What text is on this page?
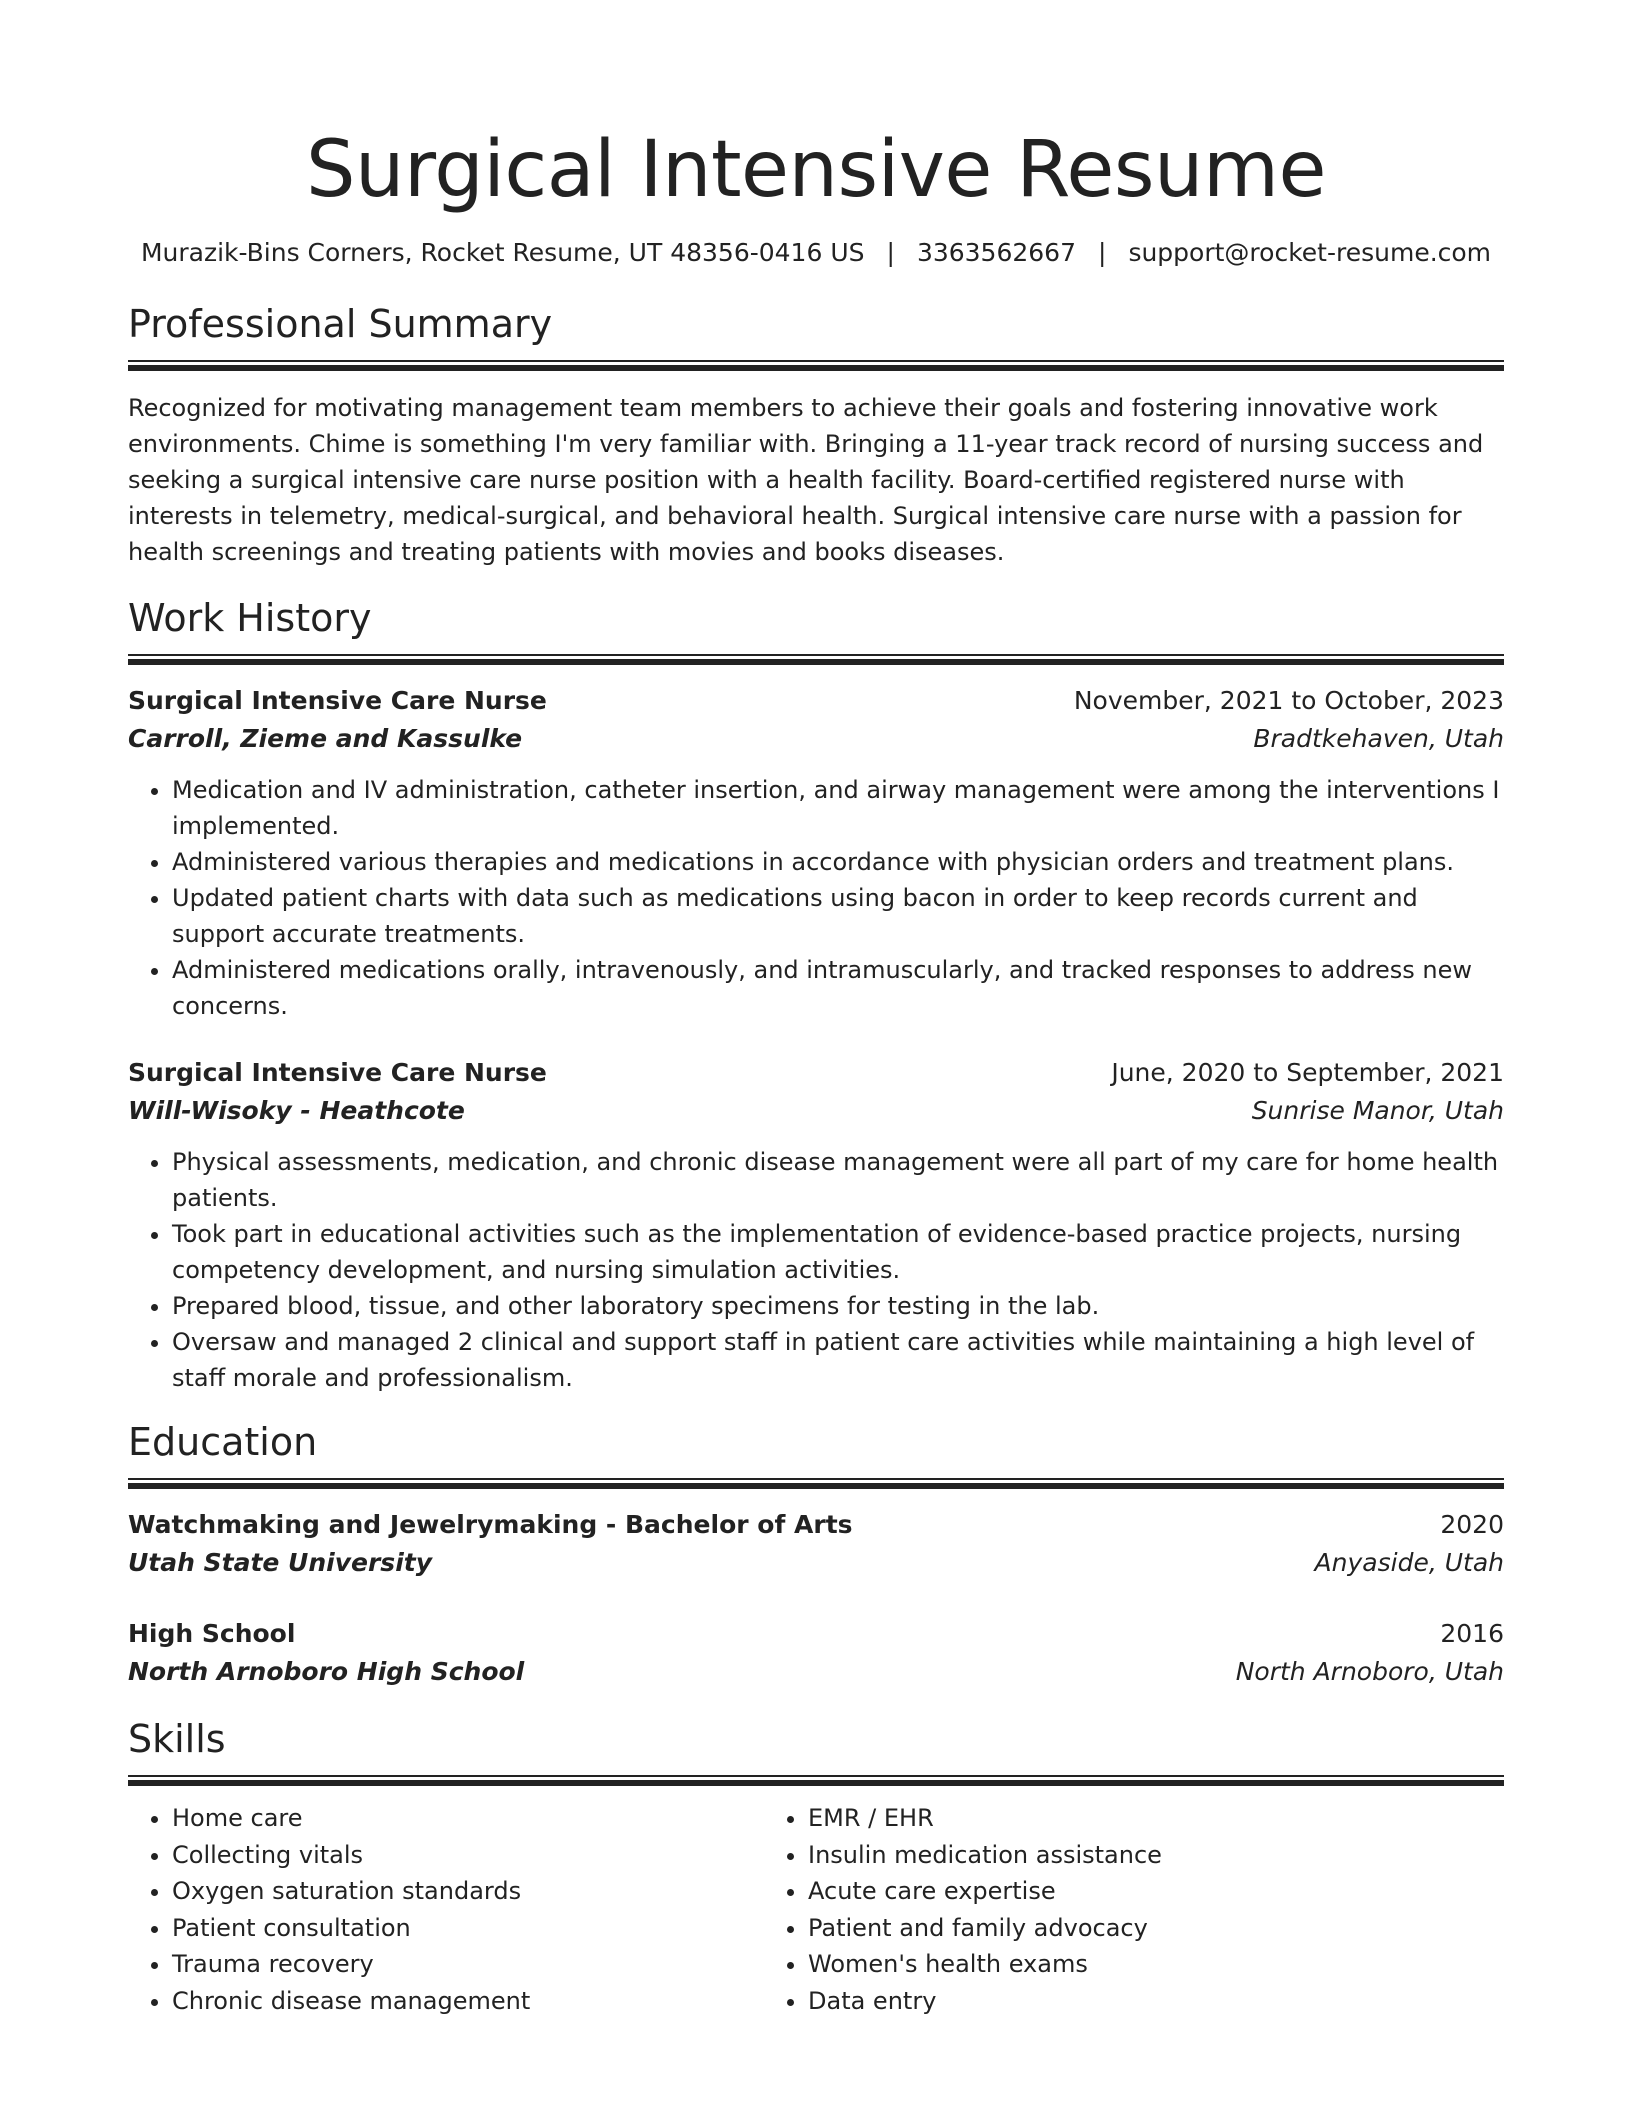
Surgical Intensive Resume
Murazik-Bins Corners, Rocket Resume, UT 48356-0416 US | 3363562667 | support@rocket-resume.com
Professional Summary
Recognized for motivating management team members to achieve their goals and fostering innovative work environments. Chime is something I'm very familiar with. Bringing a 11-year track record of nursing success and seeking a surgical intensive care nurse position with a health facility. Board-certified registered nurse with interests in telemetry, medical-surgical, and behavioral health. Surgical intensive care nurse with a passion for health screenings and treating patients with movies and books diseases.
Work History
Surgical Intensive Care Nurse	November, 2021 to October, 2023
Carroll, Zieme and Kassulke	Bradtkehaven, Utah
• Medication and IV administration, catheter insertion, and airway management were among the interventions I implemented.
• Administered various therapies and medications in accordance with physician orders and treatment plans.
• Updated patient charts with data such as medications using bacon in order to keep records current and support accurate treatments.
• Administered medications orally, intravenously, and intramuscularly, and tracked responses to address new concerns.
Surgical Intensive Care Nurse	June, 2020 to September, 2021
Will-Wisoky - Heathcote	Sunrise Manor, Utah
• Physical assessments, medication, and chronic disease management were all part of my care for home health patients.
• Took part in educational activities such as the implementation of evidence-based practice projects, nursing competency development, and nursing simulation activities.
• Prepared blood, tissue, and other laboratory specimens for testing in the lab.
• Oversaw and managed 2 clinical and support staff in patient care activities while maintaining a high level of staff morale and professionalism.
Education
Watchmaking and Jewelrymaking - Bachelor of Arts	2020
Utah State University	Anyaside, Utah
High School	2016
North Arnoboro High School	North Arnoboro, Utah
Skills
• Home care
• Collecting vitals
• Oxygen saturation standards
• Patient consultation
• Trauma recovery
• Chronic disease management
• EMR / EHR
• Insulin medication assistance
• Acute care expertise
• Patient and family advocacy
• Women's health exams
• Data entry
